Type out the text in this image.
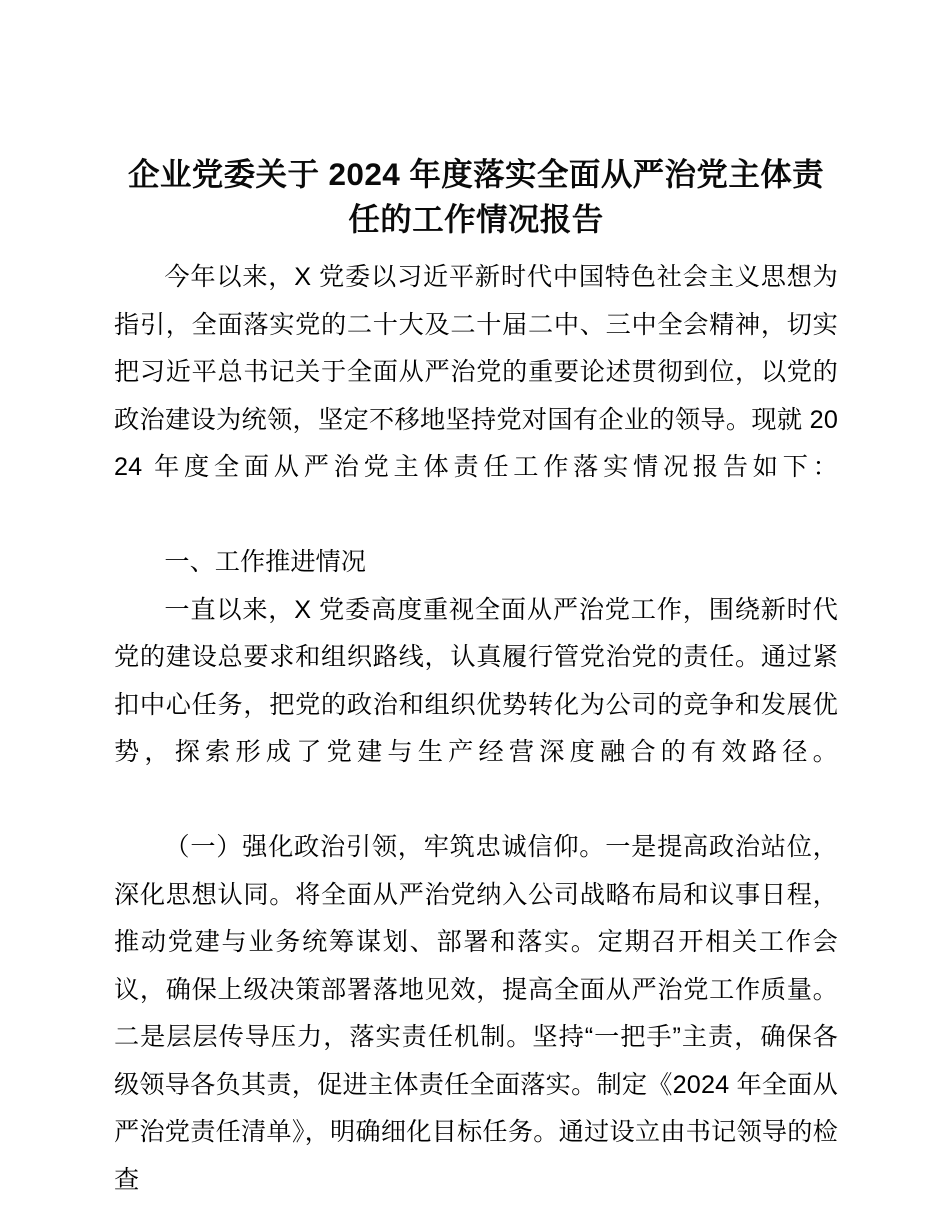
企业党委关于 2024 年度落实全面从严治党主体责任的工作情况报告

今年以来，X 党委以习近平新时代中国特色社会主义思想为指引，全面落实党的二十大及二十届二中、三中全会精神，切实把习近平总书记关于全面从严治党的重要论述贯彻到位，以党的政治建设为统领，坚定不移地坚持党对国有企业的领导。现就 2024 年度全面从严治党主体责任工作落实情况报告如下：

一、工作推进情况

一直以来，X 党委高度重视全面从严治党工作，围绕新时代党的建设总要求和组织路线，认真履行管党治党的责任。通过紧扣中心任务，把党的政治和组织优势转化为公司的竞争和发展优势，探索形成了党建与生产经营深度融合的有效路径。

（一）强化政治引领，牢筑忠诚信仰。一是提高政治站位，深化思想认同。将全面从严治党纳入公司战略布局和议事日程，推动党建与业务统筹谋划、部署和落实。定期召开相关工作会议，确保上级决策部署落地见效，提高全面从严治党工作质量。二是层层传导压力，落实责任机制。坚持“一把手”主责，确保各级领导各负其责，促进主体责任全面落实。制定《2024 年全面从严治党责任清单》，明确细化目标任务。通过设立由书记领导的检查
